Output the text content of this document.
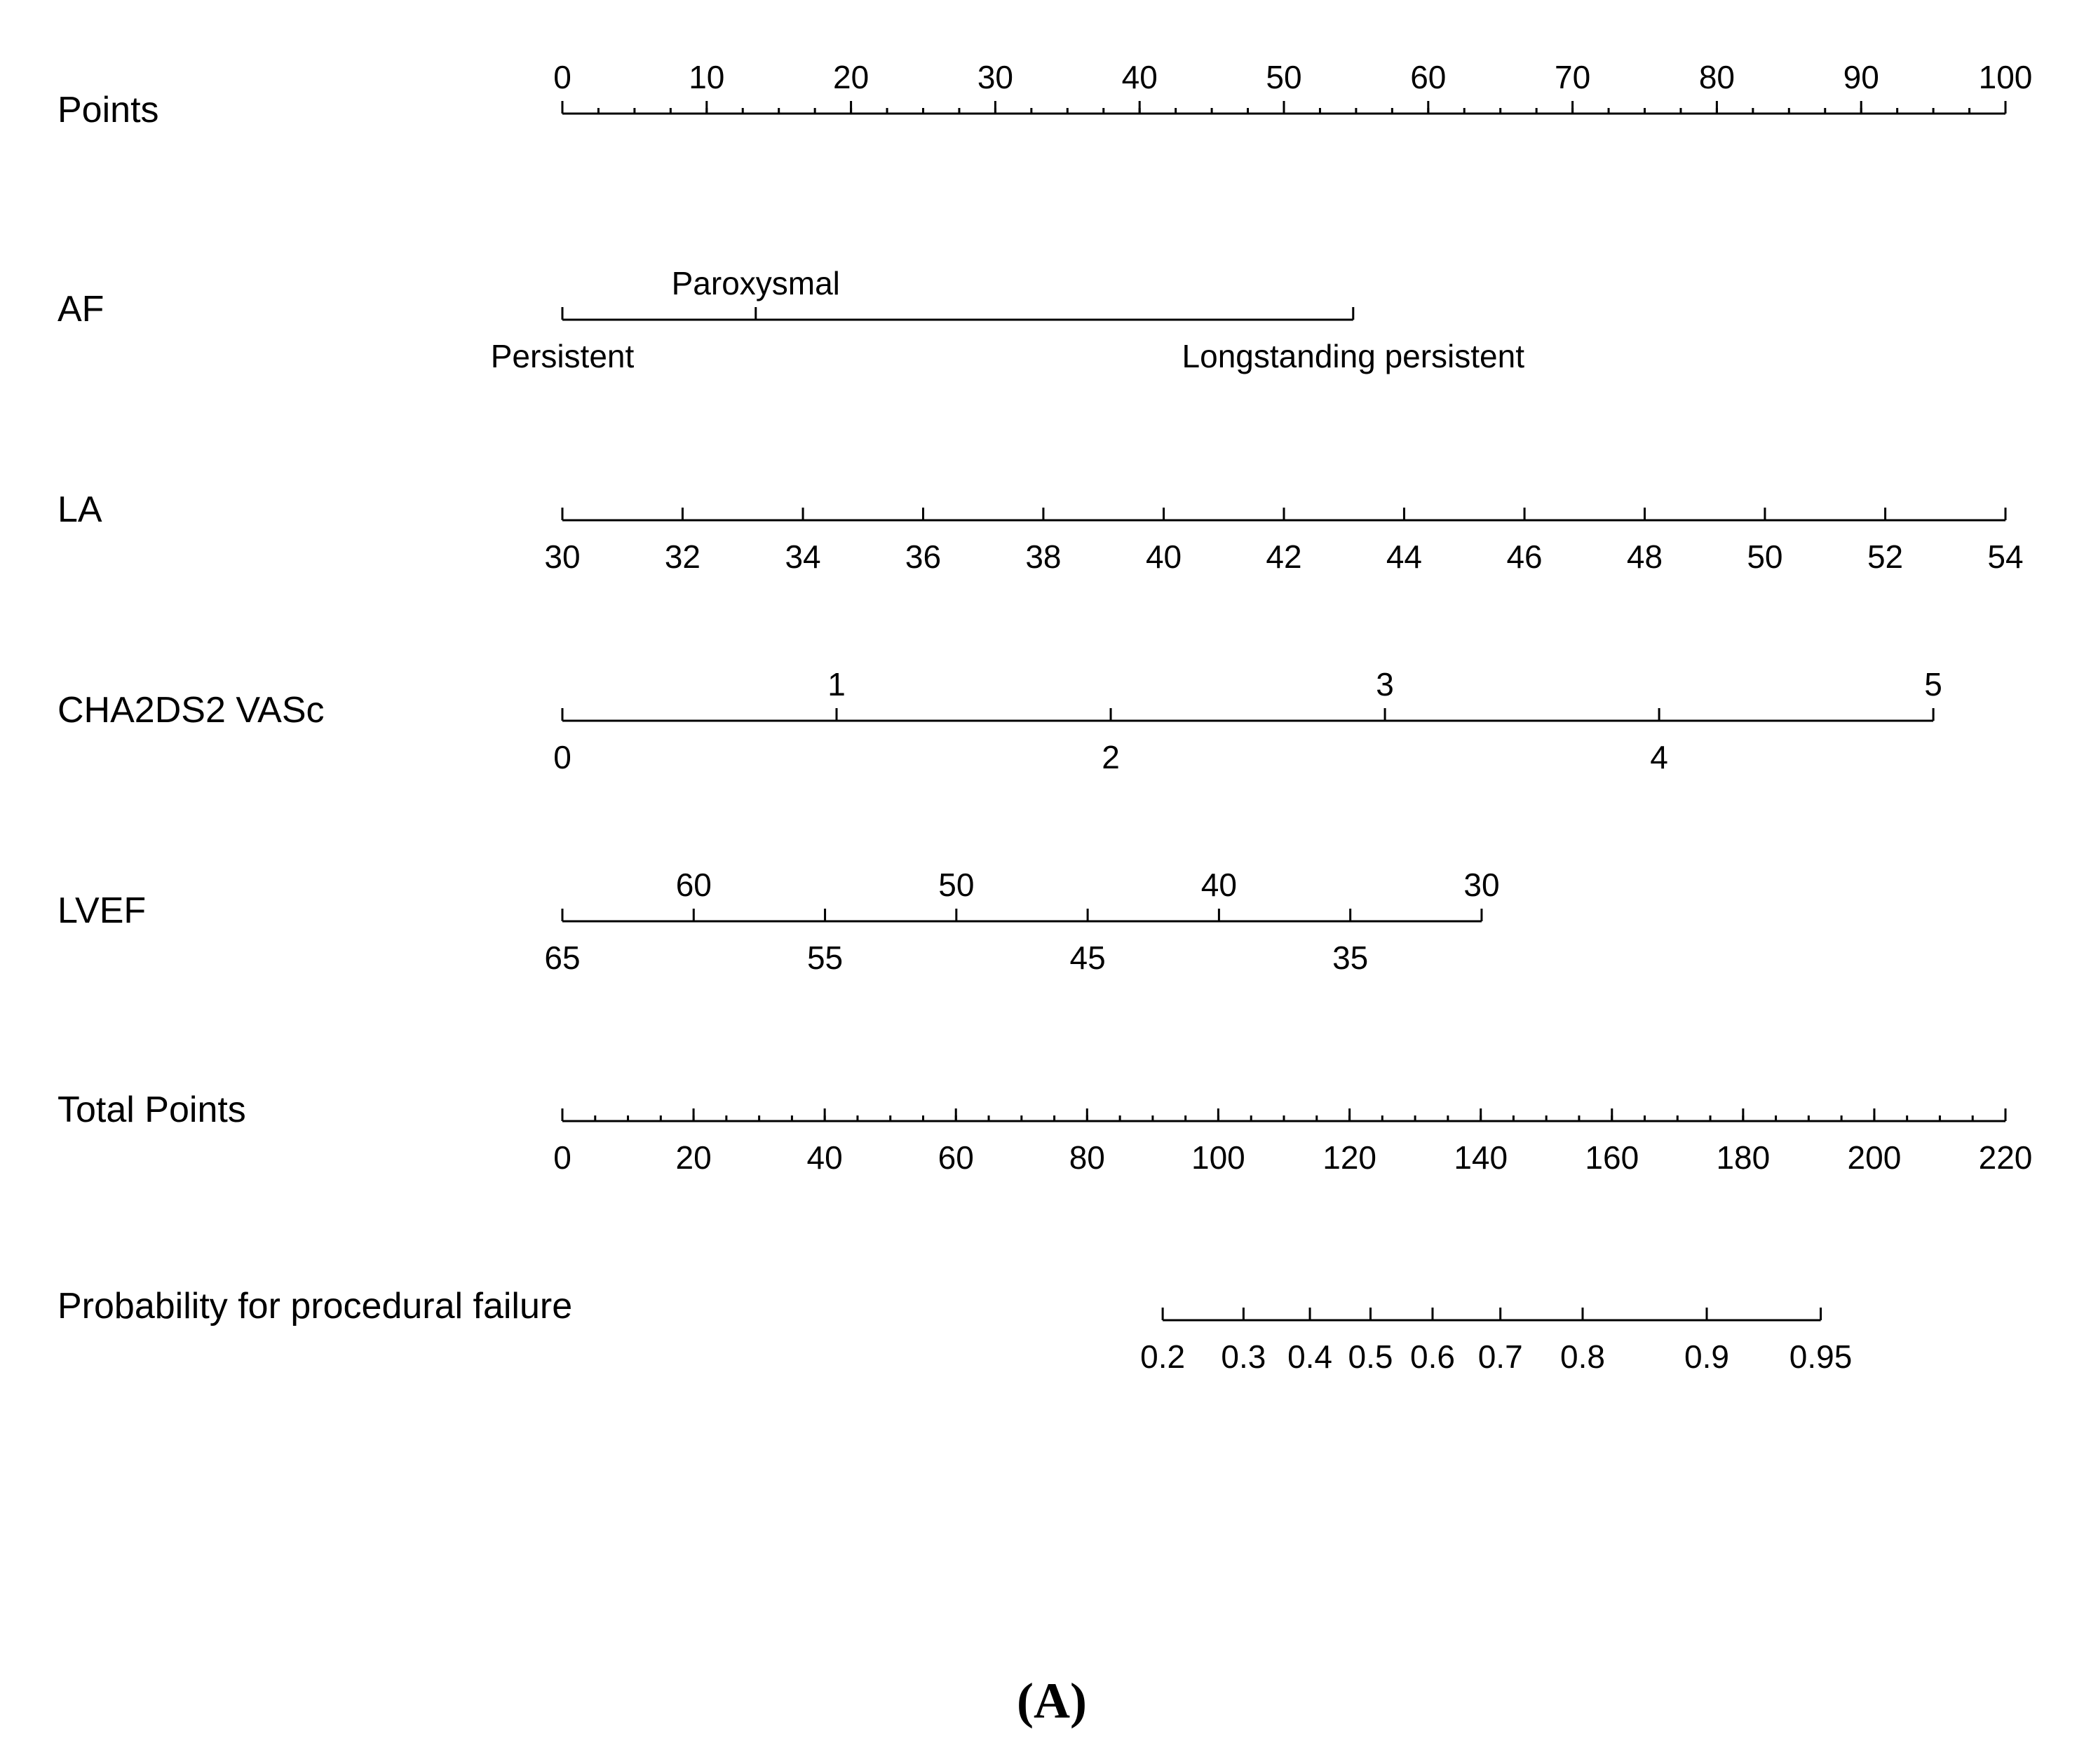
Points
0	10	20	30	40	50	60	70	80	90	100
AF
Persistent
Paroxysmal
Longstanding persistent
LA
30	32	34	36	38	40	42	44	46	48	50	52	54
CHA2DS2 VASc
0
1
2
3
4
5
LVEF
65
60
55
50
45
40
35
30
Total Points
0	20	40	60	80	100 120 140 160 180 200 220
Probability for procedural failure
0.2 0.3 0.4 0.5 0.6 0.7 0.8 0.9 0.95
(A)
